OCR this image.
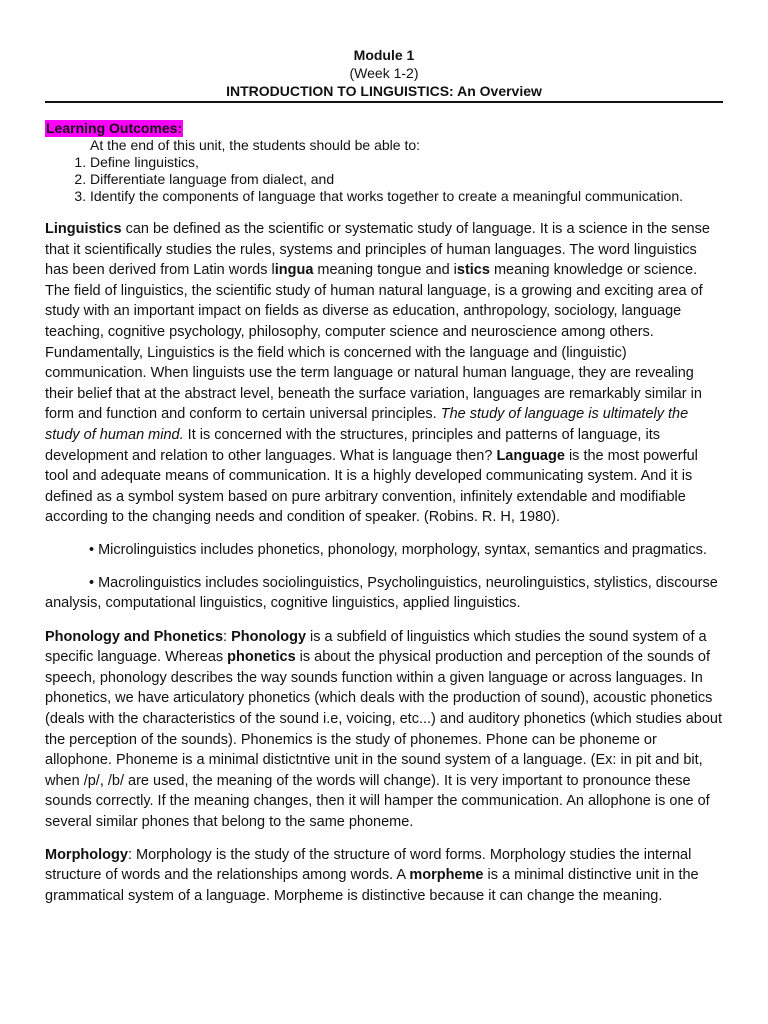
Module 1
(Week 1-2)
INTRODUCTION TO LINGUISTICS: An Overview
Learning Outcomes:
At the end of this unit, the students should be able to:
1. Define linguistics,
2. Differentiate language from dialect, and
3. Identify the components of language that works together to create a meaningful communication.

Linguistics can be defined as the scientific or systematic study of language. It is a science in the sense that it scientifically studies the rules, systems and principles of human languages. The word linguistics has been derived from Latin words lingua meaning tongue and istics meaning knowledge or science. The field of linguistics, the scientific study of human natural language, is a growing and exciting area of study with an important impact on fields as diverse as education, anthropology, sociology, language teaching, cognitive psychology, philosophy, computer science and neuroscience among others. Fundamentally, Linguistics is the field which is concerned with the language and (linguistic) communication. When linguists use the term language or natural human language, they are revealing their belief that at the abstract level, beneath the surface variation, languages are remarkably similar in form and function and conform to certain universal principles. The study of language is ultimately the study of human mind. It is concerned with the structures, principles and patterns of language, its development and relation to other languages. What is language then? Language is the most powerful tool and adequate means of communication. It is a highly developed communicating system. And it is defined as a symbol system based on pure arbitrary convention, infinitely extendable and modifiable according to the changing needs and condition of speaker. (Robins. R. H, 1980).

• Microlinguistics includes phonetics, phonology, morphology, syntax, semantics and pragmatics.

• Macrolinguistics includes sociolinguistics, Psycholinguistics, neurolinguistics, stylistics, discourse analysis, computational linguistics, cognitive linguistics, applied linguistics.

Phonology and Phonetics: Phonology is a subfield of linguistics which studies the sound system of a specific language. Whereas phonetics is about the physical production and perception of the sounds of speech, phonology describes the way sounds function within a given language or across languages. In phonetics, we have articulatory phonetics (which deals with the production of sound), acoustic phonetics (deals with the characteristics of the sound i.e, voicing, etc...) and auditory phonetics (which studies about the perception of the sounds). Phonemics is the study of phonemes. Phone can be phoneme or allophone. Phoneme is a minimal distictntive unit in the sound system of a language. (Ex: in pit and bit, when /p/, /b/ are used, the meaning of the words will change). It is very important to pronounce these sounds correctly. If the meaning changes, then it will hamper the communication. An allophone is one of several similar phones that belong to the same phoneme.

Morphology: Morphology is the study of the structure of word forms. Morphology studies the internal structure of words and the relationships among words. A morpheme is a minimal distinctive unit in the grammatical system of a language. Morpheme is distinctive because it can change the meaning.
